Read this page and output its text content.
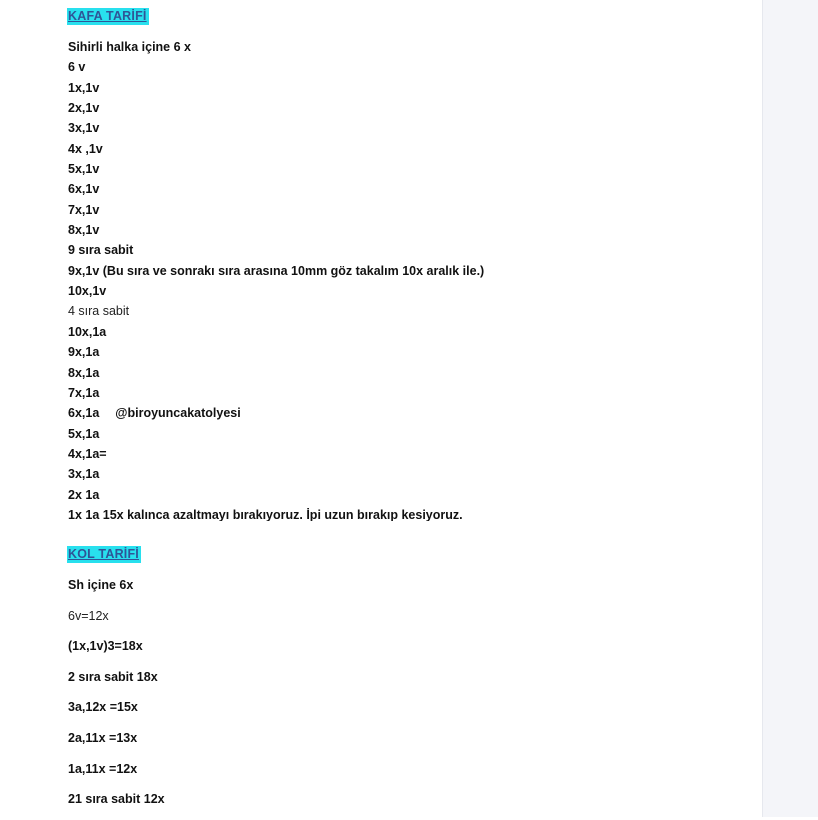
KAFA TARİFİ
Sihirli halka içine 6 x
6 v
1x,1v
2x,1v
3x,1v
4x ,1v
5x,1v
6x,1v
7x,1v
8x,1v
9 sıra sabit
9x,1v (Bu sıra ve sonrakı sıra arasına 10mm göz takalım 10x aralık ile.)
10x,1v
4 sıra sabit
10x,1a
9x,1a
8x,1a
7x,1a
6x,1a @biroyuncakatolyesi
5x,1a
4x,1a=
3x,1a
2x 1a
1x 1a 15x kalınca azaltmayı bırakıyoruz. İpi uzun bırakıp kesiyoruz.
KOL TARİFİ
Sh içine 6x
6v=12x
(1x,1v)3=18x
2 sıra sabit 18x
3a,12x =15x
2a,11x =13x
1a,11x =12x
21 sıra sabit 12x
